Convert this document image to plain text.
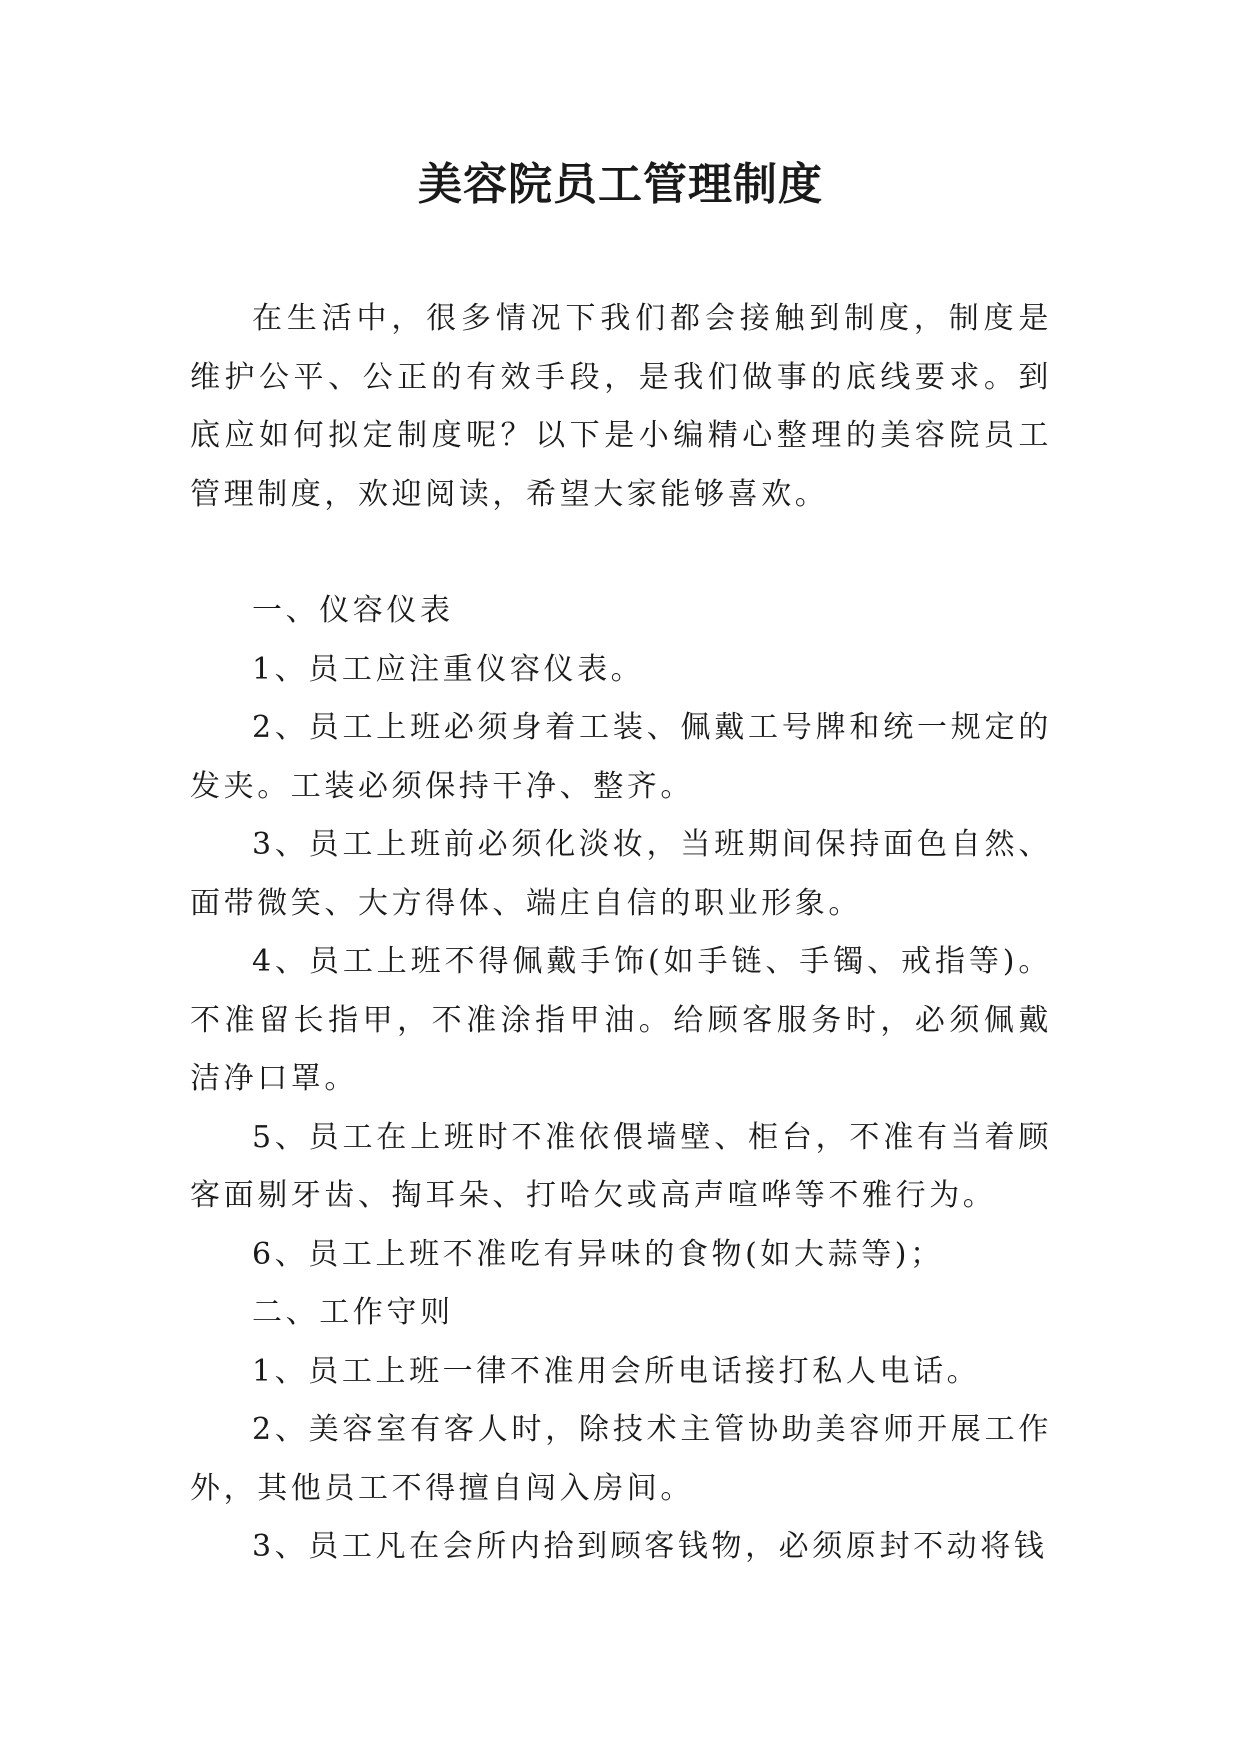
美容院员工管理制度

在生活中，很多情况下我们都会接触到制度，制度是维护公平、公正的有效手段，是我们做事的底线要求。到底应如何拟定制度呢？以下是小编精心整理的美容院员工管理制度，欢迎阅读，希望大家能够喜欢。

一、仪容仪表

1、员工应注重仪容仪表。

2、员工上班必须身着工装、佩戴工号牌和统一规定的发夹。工装必须保持干净、整齐。

3、员工上班前必须化淡妆，当班期间保持面色自然、面带微笑、大方得体、端庄自信的职业形象。

4、员工上班不得佩戴手饰(如手链、手镯、戒指等)。不准留长指甲，不准涂指甲油。给顾客服务时，必须佩戴洁净口罩。

5、员工在上班时不准依偎墙壁、柜台，不准有当着顾客面剔牙齿、掏耳朵、打哈欠或高声喧哗等不雅行为。

6、员工上班不准吃有异味的食物(如大蒜等)；

二、工作守则

1、员工上班一律不准用会所电话接打私人电话。

2、美容室有客人时，除技术主管协助美容师开展工作外，其他员工不得擅自闯入房间。

3、员工凡在会所内拾到顾客钱物，必须原封不动将钱
